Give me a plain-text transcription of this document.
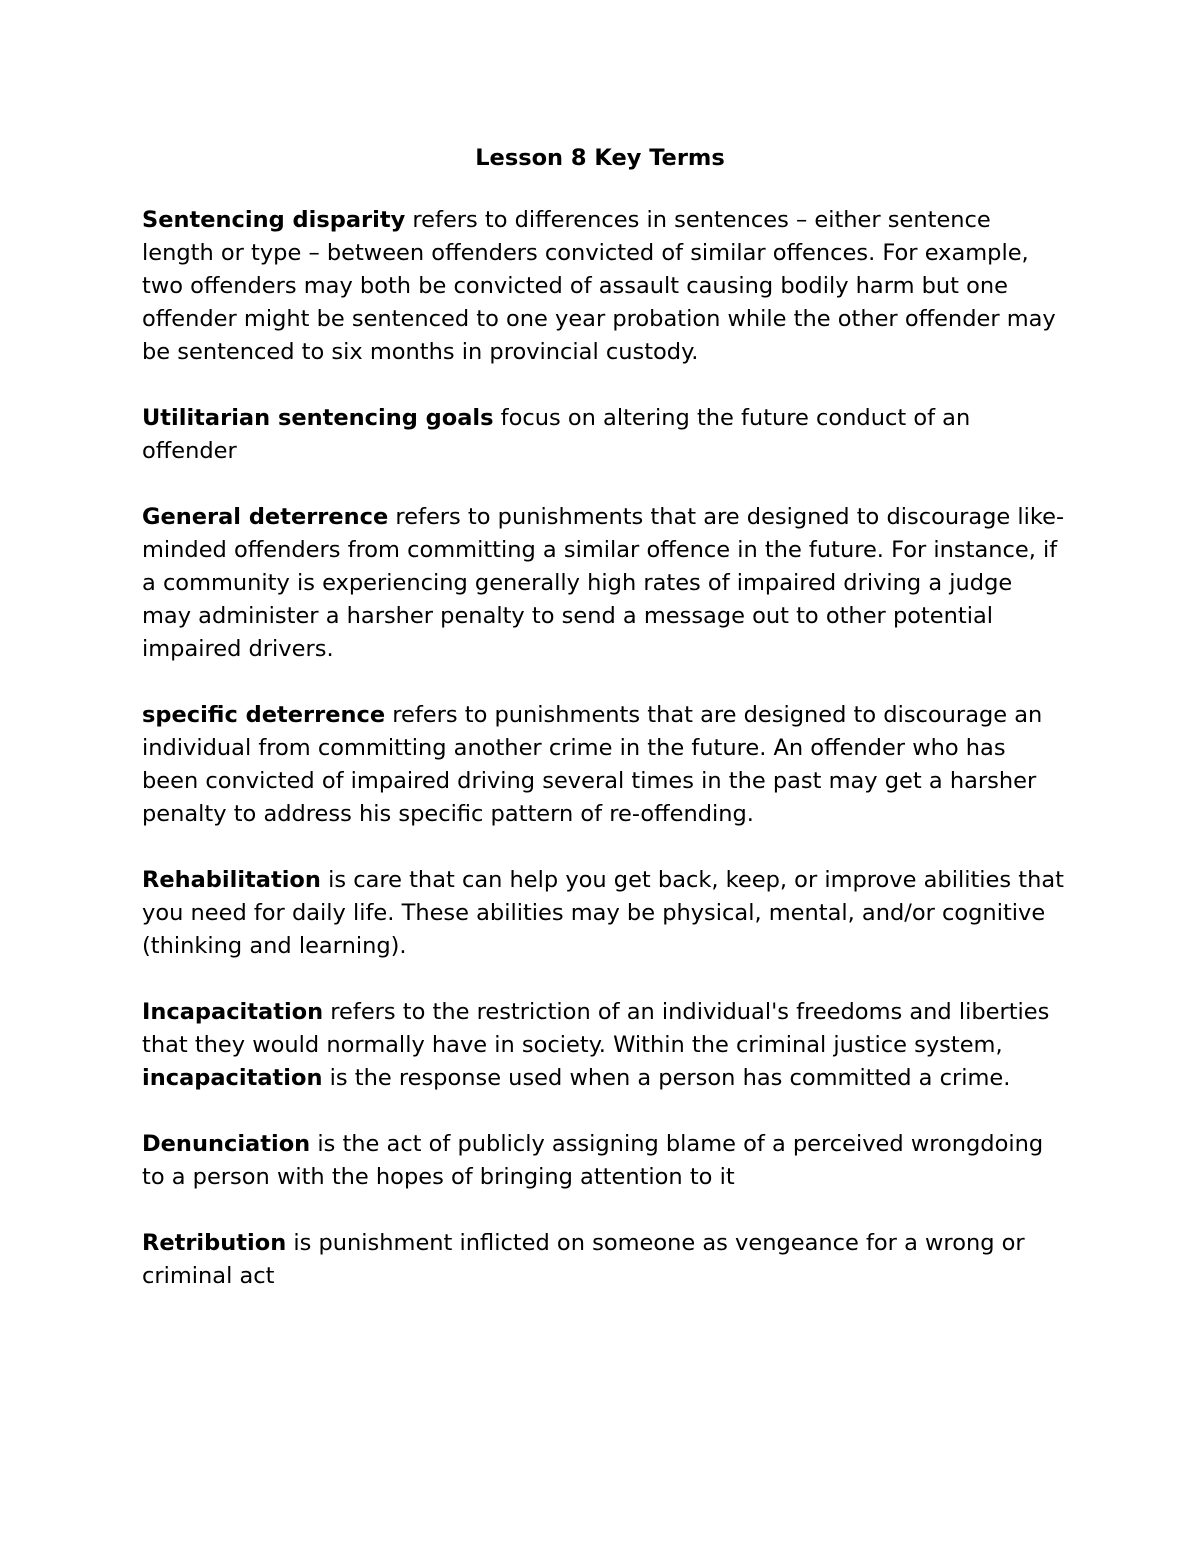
Lesson 8 Key Terms

Sentencing disparity refers to differences in sentences – either sentence length or type – between offenders convicted of similar offences. For example, two offenders may both be convicted of assault causing bodily harm but one offender might be sentenced to one year probation while the other offender may be sentenced to six months in provincial custody.

Utilitarian sentencing goals focus on altering the future conduct of an offender

General deterrence refers to punishments that are designed to discourage like-minded offenders from committing a similar offence in the future. For instance, if a community is experiencing generally high rates of impaired driving a judge may administer a harsher penalty to send a message out to other potential impaired drivers.

specific deterrence refers to punishments that are designed to discourage an individual from committing another crime in the future. An offender who has been convicted of impaired driving several times in the past may get a harsher penalty to address his specific pattern of re-offending.

Rehabilitation is care that can help you get back, keep, or improve abilities that you need for daily life. These abilities may be physical, mental, and/or cognitive (thinking and learning).

Incapacitation refers to the restriction of an individual's freedoms and liberties that they would normally have in society. Within the criminal justice system, incapacitation is the response used when a person has committed a crime.

Denunciation is the act of publicly assigning blame of a perceived wrongdoing to a person with the hopes of bringing attention to it

Retribution is punishment inflicted on someone as vengeance for a wrong or criminal act
